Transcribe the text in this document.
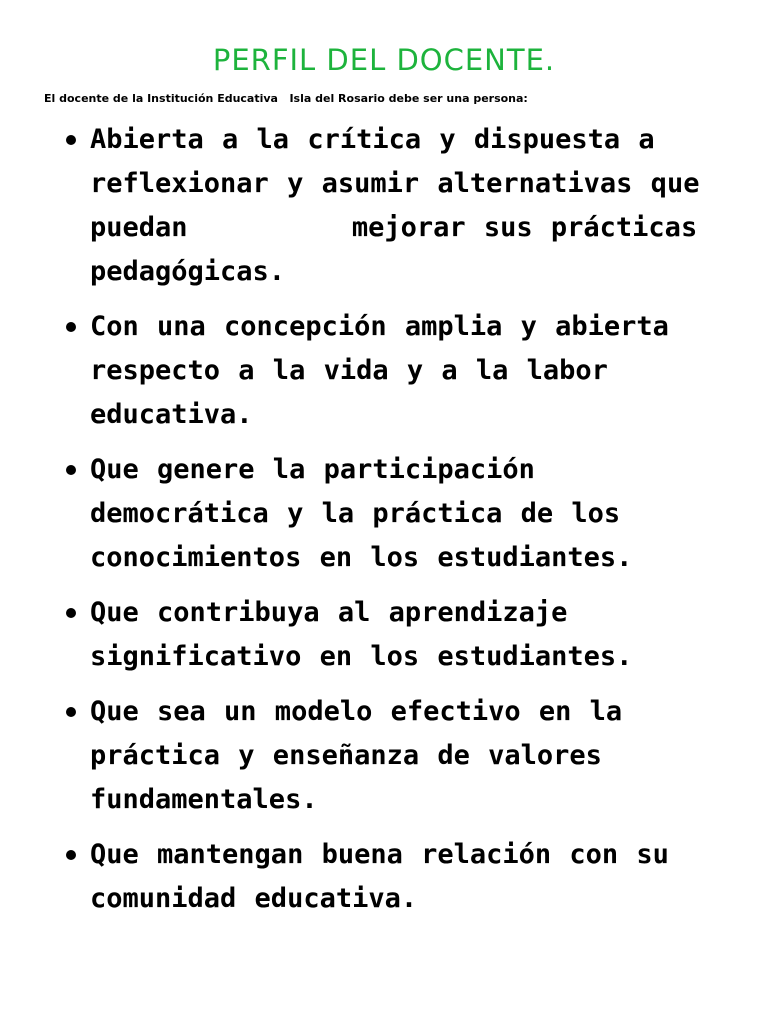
PERFIL DEL DOCENTE.
El docente de la Institución Educativa   Isla del Rosario debe ser una persona:
Abierta a la crítica y dispuesta a reflexionar y asumir alternativas que puedan         mejorar sus prácticas pedagógicas.
Con una concepción amplia y abierta respecto a la vida y a la labor educativa.
Que genere la participación democrática y la práctica de los conocimientos en los estudiantes.
Que contribuya al aprendizaje significativo en los estudiantes.
Que sea un modelo efectivo en la práctica y enseñanza de valores fundamentales.
Que mantengan buena relación con su comunidad educativa.
